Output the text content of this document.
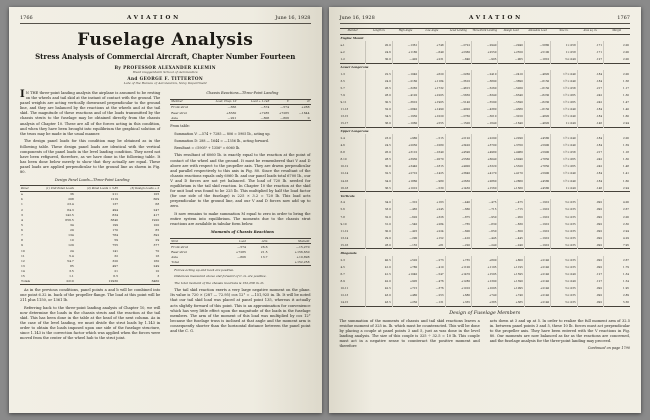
1766	AVIATION	June 16, 1928
Fuselage Analysis
Stress Analysis of Commercial Aircraft, Chapter Number Fourteen
By PROFESSOR ALEXANDER KLEMIN
Head Guggenheim School of Aeronautics
And GEORGE F. TITTERTON
Late of the Bureau of Aeronautics, Navy Department

I N THE three-point landing analysis the airplane is assumed to be resting on the wheels and tail skid at the instant of contact with the ground. The panel weights are acting vertically downward perpendicular to the ground line, and they are balanced by the reactions at the wheels and at the tail skid. The magnitude of these reactions and of the loads transmitted by the chassis struts to the fuselage may be obtained directly from the chassis analysis of Chapter 10. These are all of the forces acting in this condition, and when they have been brought into equilibrium the graphical solution of the truss may be made in the usual manner.

The design panel loads for this condition may be obtained as in the following table. These design panel loads are identical with the vertical components of the panel loads in the level landing condition. They need not have been refigured, therefore, as we have done in the following table. It has been done below merely to show that they actually are equal. These panel loads are applied perpendicular to the ground line as shown in Fig. 80.

Design Panel Loads—Three-Point Landing

Panel	(1) Unit Panel Loads	(2) Panel Loads × 5.85	(3) Design Loads ÷ 2
a	36	211	105
b	208	1219	609
1	23.4	137	68
2	84.3	494	247
3	142.5	834	417
4	656.5	3840	1920
5	34	199	100
6	29	170	85
7	134	784	392
8	10	59	29
9	129	755	377
10	24	141	70
11	5.4	32	16
12	54.7	320	160
13	85	497	249
14	3.5	21	10
15	1.1	6.5	3
Totals	2210	12930	6460

As in the previous conditions, panel points a and b will be combined into one point 6.32 in. back of the propeller flange. The load at this point will be 211 plus 1150, or 1361 lb.

Referring back to the three-point landing analysis of Chapter 10, we will now determine the loads in the chassis struts and the reaction at the tail skid. This has been done in the table at the head of the next column. As in the case of the level landing, we must divide the strut loads by 1.143 in order to obtain the loads imposed upon one side of the fuselage structure, since 1.143 is the correction factor which was applied when the forces were moved from the center of the wheel hub to the strut joint.

Chassis Reactions—Three-Point Landing

Member	Load, Chap. 10	Load ÷ 1.143	V	D
Front strut	—656	—574	—574	+288
Rear strut	+8330	+7285	+7285	—1644
Axle	—921	—806	—806	0

From table:

Summation V: —574 + 7285 — 806 = 5905 lb., acting up.

Summation D: 288 — 1644 = —1356 lb., acting forward.

Resultant = √5905² + 1356² = 6060 lb.

This resultant of 6060 lb. is exactly equal to the reaction at the point of contact of the wheel and the ground. It must be remembered that V and D above are with respect to the propeller axis. They are drawn perpendicular and parallel respectively to this axis in Fig. 80. Since the resultant of the chassis reactions equals only 6060 lb. and our panel loads total 6700 lb., our V and D forces are not yet balanced. The load of 720 lb. needed for equilibrium is the tail skid reaction. In Chapter 10 the reaction at the skid for unit load was found to be 225 lb. This multiplied by half the load factor (for one side of the fuselage) is 225 × 3.2 = 720 lb. This load acts perpendicular to the ground line, and our V and D forces now add up to zero.

It now remains to make summation M equal to zero in order to bring the entire system into equilibrium. The moments due to the chassis strut reactions are available in tabular form below.

Moments of Chassis Reactions

Strut	Load	Arm	Moment
Front strut	—574	26.6	—15,270
Rear strut	+7285	21.5	+156,630
Axle	—806	13.7	+10,898
Total			+152,258

Forces acting up and back are positive.

Distances measured above and forward of C. G. are positive.

The total moment of the chassis reactions is 152,258 in. lb.

The tail skid reaction exerts a very large negative moment on the plane. Its value is 720 × (287 — 72.95) cos 12° = —151,925 in. lb. It will be noted that our tail skid load was placed at panel point 135, whereas it actually acts slightly forward of this point. This is an approximation for convenience which has very little effect upon the magnitude of the loads in the fuselage members. The arm of the moment of this load was multiplied by cos 12° because the fuselage truss is inclined at that angle and the moment arm is consequently shorter than the horizontal distance between the panel point and the C. G.

June 16, 1928	AVIATION	1767
Member	Length in.	High Angle	Low Angle	Level Landing	Three-Point Landing	Design Load	Allowable Load	Size in.	Area sq. in.	Margin
Engine Mount										
a-1	20.0	—1361	+748	—2722	—2940	—2940	—5880	1×.058	.171	2.00
a-2	24.6	+1180	—649	+2360	+2550	+2550	+5100	1×.058	.171	2.00
1-2	30.0	—420	+231	—840	—905	—905	—1810	⅞×.049	.127	2.00
Lower Longerons										
1-3	22.5	—1040	+620	—2260	—2410	—2410	—4820	1¼×.049	.184	2.00
3-5	24.0	—2160	+1184	—3610	—3890	—3890	—6150	1¼×.049	.184	1.58
5-7	26.5	—3265	+1732	—4815	—5260	—5260	—6150	1¼×.058	.217	1.17
7-9	28.0	—4120	+2205	—5830	—6340	—6340	—8230	1¼×.065	.242	1.30
9-11	30.5	—3610	+1905	—5140	—5590	—5590	—8230	1¼×.065	.242	1.47
11-13	32.0	—2840	+1490	—4020	—4380	—4380	—6150	1¼×.049	.184	1.40
13-15	34.5	—1950	+1020	—2760	—3010	—3010	—4820	1¼×.049	.184	1.60
15-17	36.0	—1060	+555	—1500	—1640	—1640	—4820	1×.049	.146	2.94
Upper Longerons										
2-4	23.0	+980	—515	+2120	+2290	+2290	+4580	1¼×.049	.184	2.00
4-6	24.5	+2050	—1080	+3420	+3700	+3700	+5900	1¼×.049	.184	1.59
6-8	26.0	+3110	—1640	+4590	+4980	+4980	+5900	1¼×.058	.217	1.18
8-10	28.5	+3930	—2070	+5560	+6040	+6040	+7850	1¼×.065	.242	1.30
10-12	30.0	+3440	—1815	+4900	+5320	+5320	+7850	1¼×.065	.242	1.48
12-14	32.5	+2710	—1425	+3840	+4170	+4170	+5900	1¼×.049	.184	1.41
14-16	34.0	+1860	—980	+2630	+2860	+2860	+4580	1¼×.049	.184	1.60
16-18	36.5	+1010	—530	+1430	+1560	+1560	+4580	1×.049	.146	2.94
Verticals										
3-4	34.0	—310	+163	—440	—475	—475	—1910	⅞×.035	.092	4.00
5-6	33.0	—465	+245	—660	—715	—715	—1910	⅞×.035	.092	2.67
7-8	32.0	—620	+326	—875	—950	—950	—1910	⅞×.035	.092	2.00
9-10	31.0	—540	+284	—765	—830	—830	—1910	⅞×.035	.092	2.30
11-12	30.0	—425	+224	—600	—650	—650	—1910	⅞×.035	.092	2.94
13-14	29.0	—290	+152	—410	—445	—445	—1910	⅞×.035	.092	4.29
15-16	28.0	—155	+81	—220	—240	—240	—1910	⅞×.035	.092	7.95
Diagonals										
2-3	40.5	+520	—273	+735	+800	+800	+2140	⅞×.035	.092	2.67
4-5	41.0	+780	—410	+1100	+1195	+1195	+2140	⅞×.035	.092	1.79
6-7	41.5	+1040	—547	+1470	+1595	+1595	+2140	⅞×.049	.127	1.34
8-9	42.0	+905	—476	+1280	+1390	+1390	+2140	⅞×.049	.127	1.54
10-11	42.5	+715	—376	+1010	+1095	+1095	+2140	⅞×.035	.092	1.95
12-13	43.0	+480	—253	+680	+740	+740	+2140	⅞×.035	.092	2.89
14-15	43.5	+250	—131	+355	+385	+385	+2140	⅞×.035	.092	5.56
Design of Fuselage Members
The summation of the moments of chassis and tail skid reactions leaves a residue moment of 325 in. lb. which must be counteracted. This will be done by placing a couple at panel points 3 and 5, just as was done in the level landing analysis. The size of this couple is 325 ÷ 32.5 = 10 lb. This couple must act in a negative sense to counteract the positive moment and therefore
acts down at 3 and up at 5. In order to realize the full moment arm of 32.5 in. between panel points 3 and 5, these 10 lb. forces must act perpendicular to the propeller axis. They have been entered with the V reactions in Fig. 80. Our moments are now balanced as far as the reactions are concerned, and the fuselage analysis for the three-point landing may proceed.
Continued on page 1790
